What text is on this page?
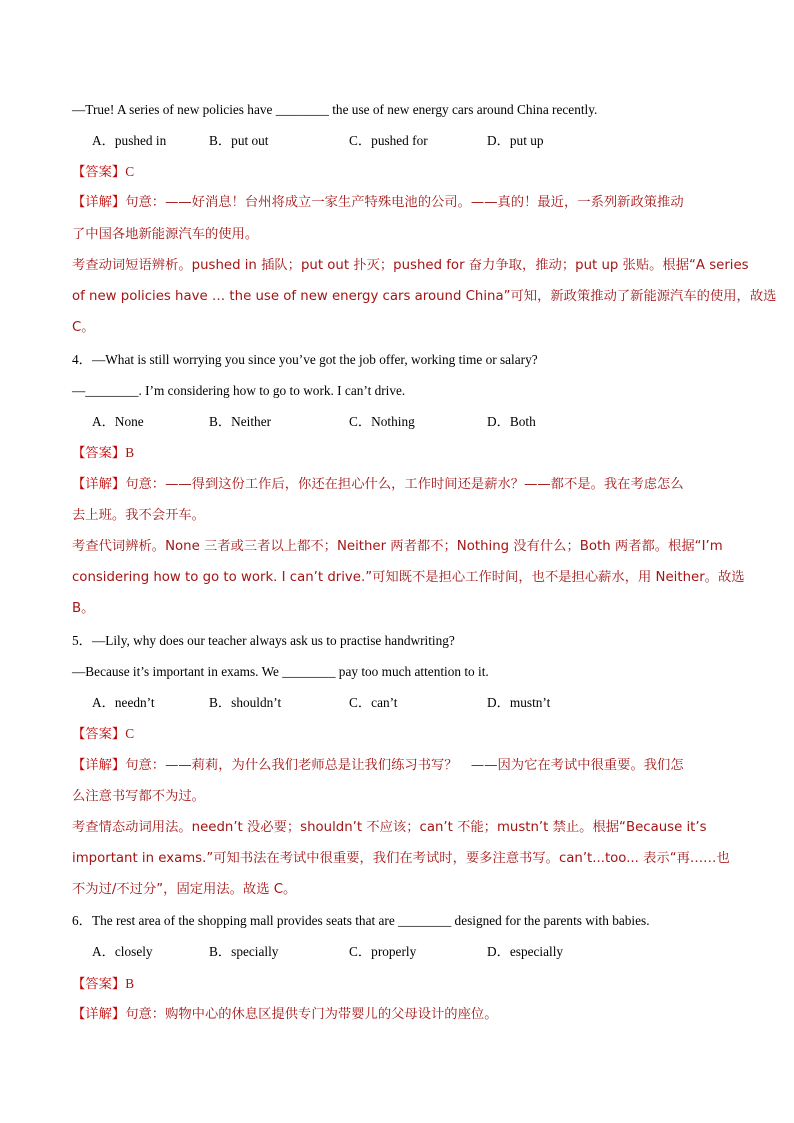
—True! A series of new policies have ________ the use of new energy cars around China recently.
A．pushed in	B．put out	C．pushed for	D．put up
【答案】C
【详解】句意：——好消息！台州将成立一家生产特殊电池的公司。——真的！最近，一系列新政策推动
了中国各地新能源汽车的使用。
考查动词短语辨析。pushed in 插队；put out 扑灭；pushed for 奋力争取，推动；put up 张贴。根据“A series
of new policies have … the use of new energy cars around China”可知，新政策推动了新能源汽车的使用，故选
C。
4．—What is still worrying you since you’ve got the job offer, working time or salary?
—________. I’m considering how to go to work. I can’t drive.
A．None	B．Neither	C．Nothing	D．Both
【答案】B
【详解】句意：——得到这份工作后，你还在担心什么，工作时间还是薪水？——都不是。我在考虑怎么
去上班。我不会开车。
考查代词辨析。None 三者或三者以上都不；Neither 两者都不；Nothing 没有什么；Both 两者都。根据“I’m
considering how to go to work. I can’t drive.”可知既不是担心工作时间，也不是担心薪水，用 Neither。故选
B。
5．—Lily, why does our teacher always ask us to practise handwriting?
—Because it’s important in exams. We ________ pay too much attention to it.
A．needn’t	B．shouldn’t	C．can’t	D．mustn’t
【答案】C
【详解】句意：——莉莉，为什么我们老师总是让我们练习书写？　——因为它在考试中很重要。我们怎
么注意书写都不为过。
考查情态动词用法。needn’t 没必要；shouldn’t 不应该；can’t 不能；mustn’t 禁止。根据“Because it’s
important in exams.”可知书法在考试中很重要，我们在考试时，要多注意书写。can’t...too... 表示“再……也
不为过/不过分”，固定用法。故选 C。
6．The rest area of the shopping mall provides seats that are ________ designed for the parents with babies.
A．closely	B．specially	C．properly	D．especially
【答案】B
【详解】句意：购物中心的休息区提供专门为带婴儿的父母设计的座位。
